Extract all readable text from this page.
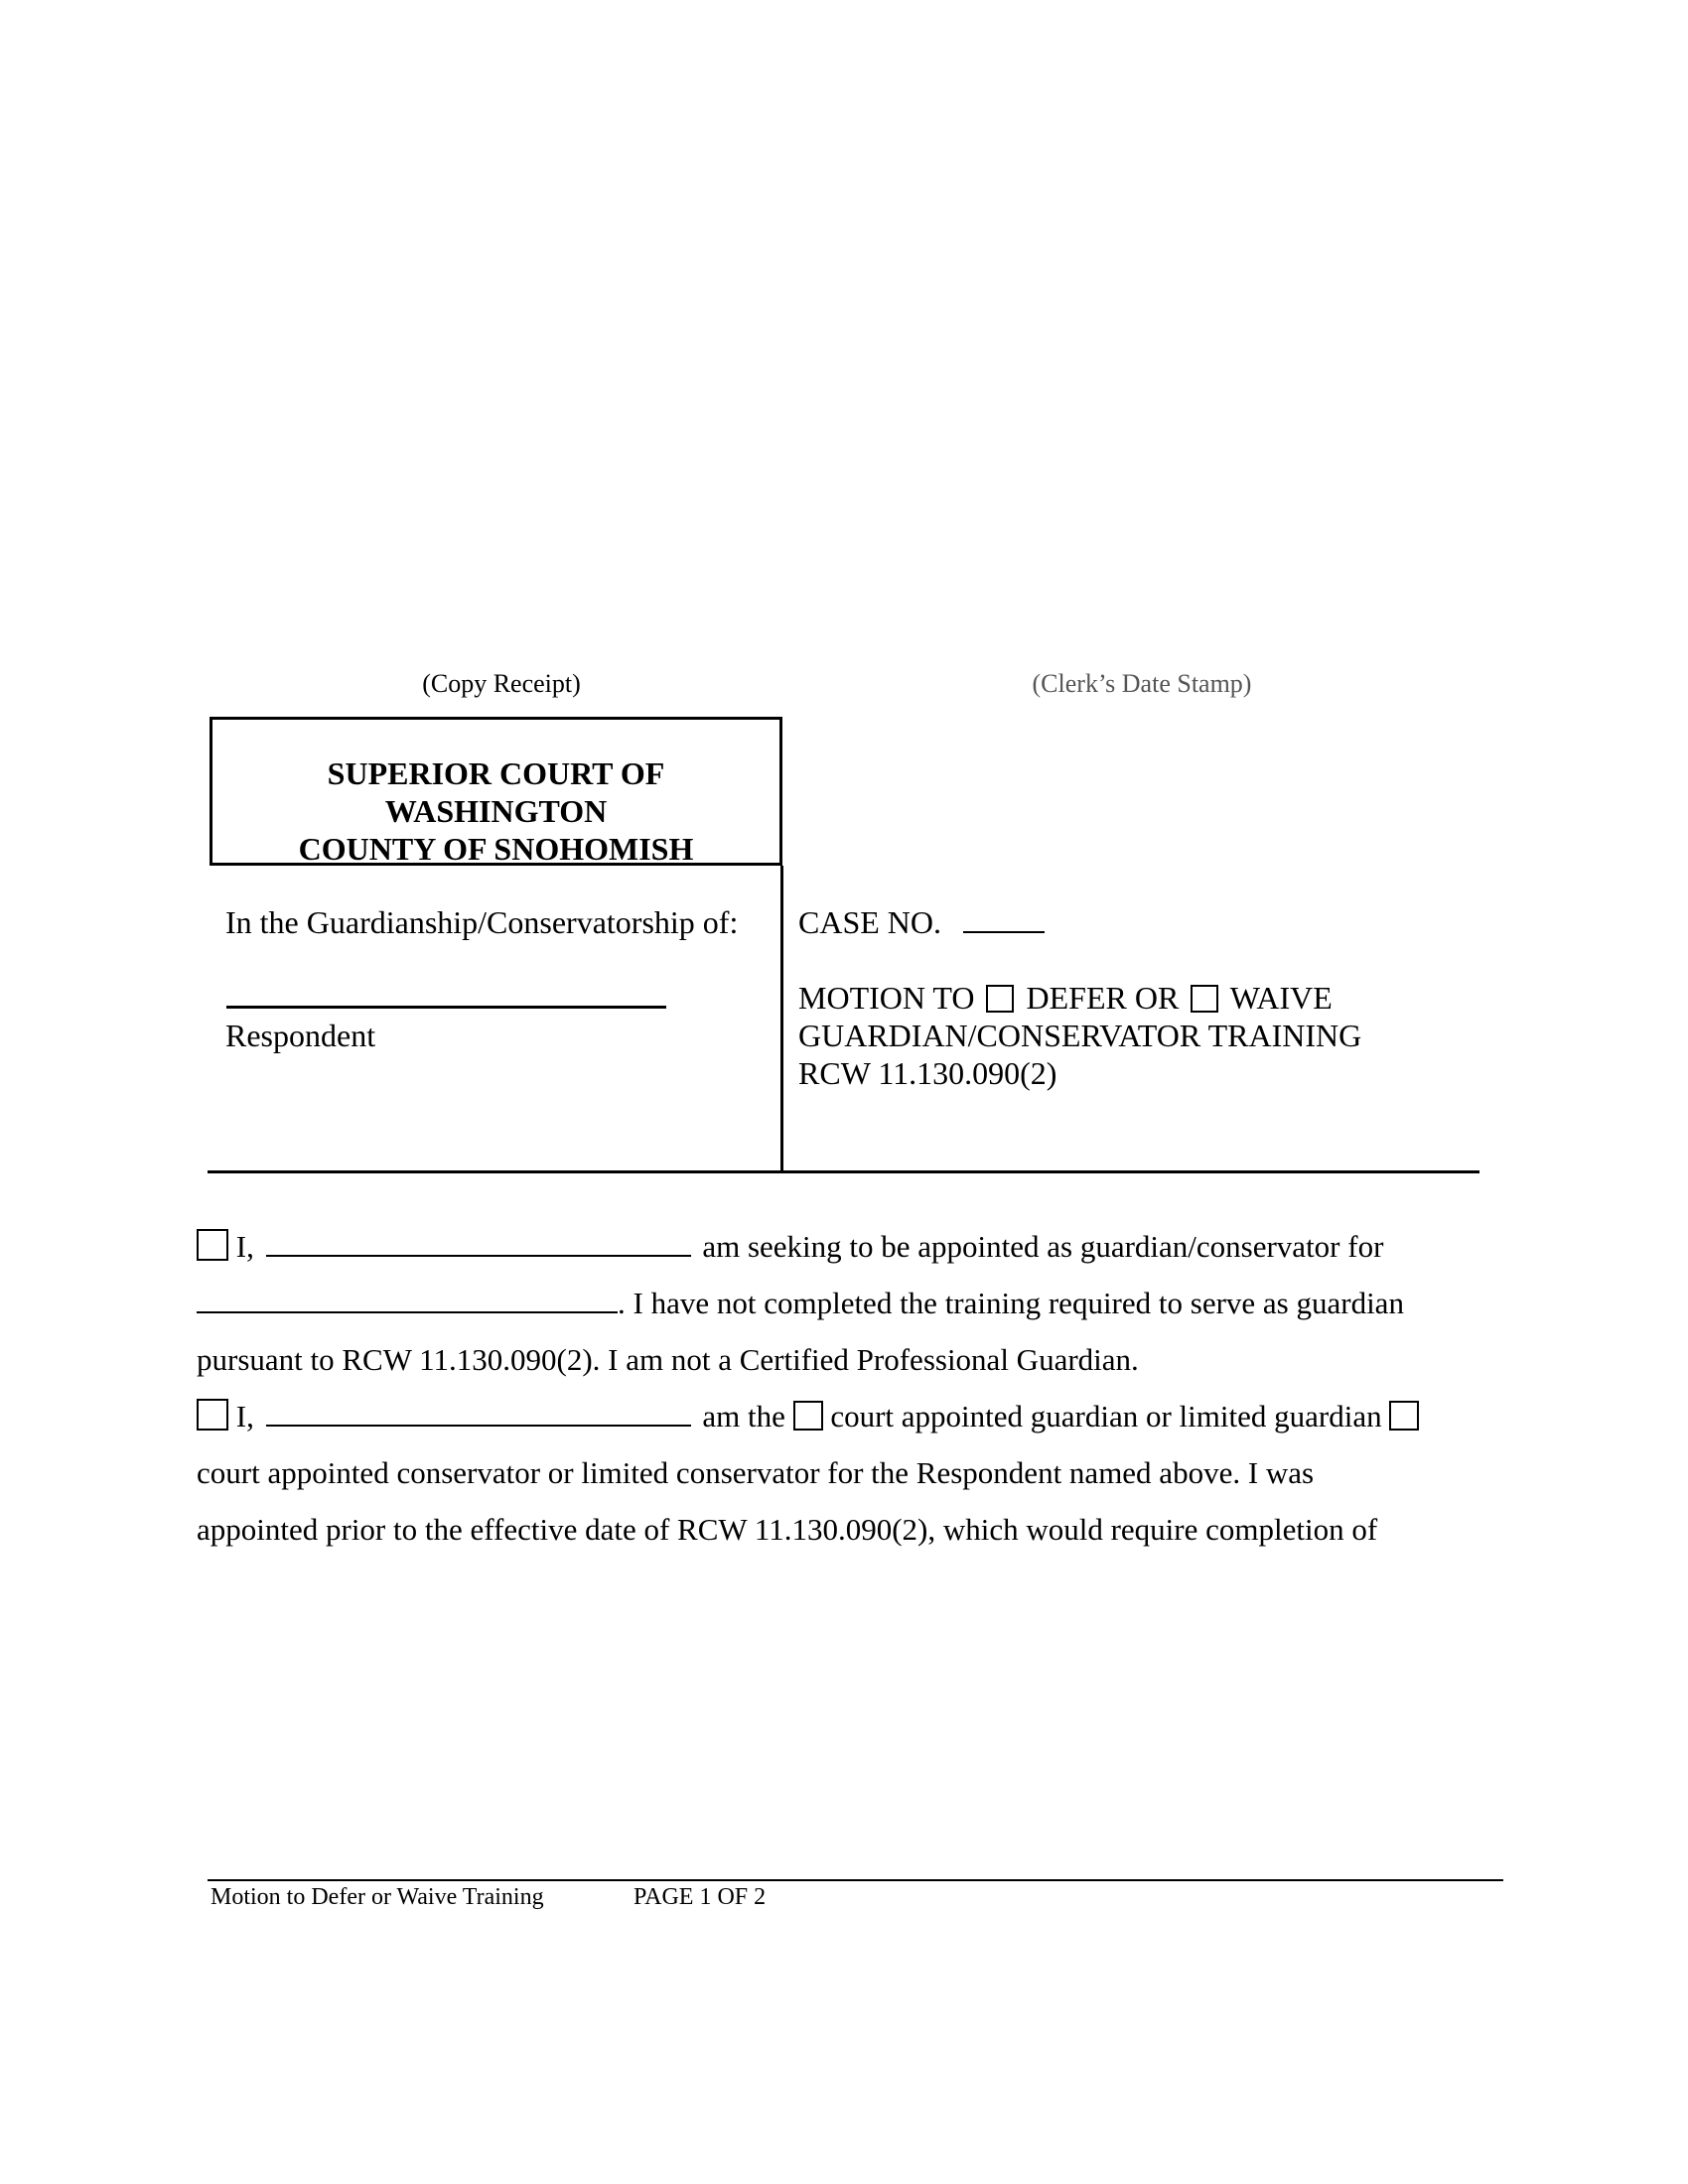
(Copy Receipt)	(Clerk’s Date Stamp)
SUPERIOR COURT OF
WASHINGTON
COUNTY OF SNOHOMISH
In the Guardianship/Conservatorship of:
Respondent
CASE NO.
MOTION TO DEFER OR WAIVE
GUARDIAN/CONSERVATOR TRAINING
RCW 11.130.090(2)
I,	am seeking to be appointed as guardian/conservator for
. I have not completed the training required to serve as guardian
pursuant to RCW 11.130.090(2). I am not a Certified Professional Guardian.
I,	am the court appointed guardian or limited guardian
court appointed conservator or limited conservator for the Respondent named above. I was
appointed prior to the effective date of RCW 11.130.090(2), which would require completion of
Motion to Defer or Waive Training	PAGE 1 OF 2
